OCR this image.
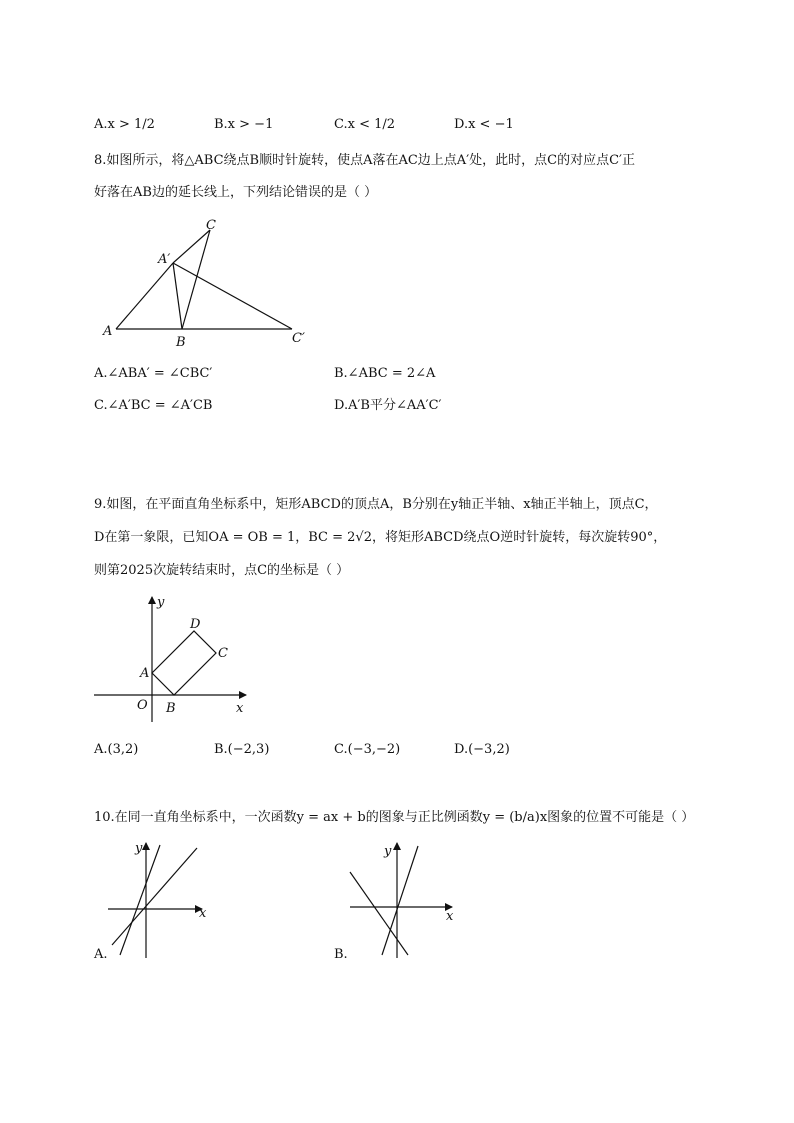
A.x > 1/2	B.x > −1	C.x < 1/2	D.x < −1
8.如图所示，将△ABC绕点B顺时针旋转，使点A落在AC边上点A′处，此时，点C的对应点C′正
好落在AB边的延长线上，下列结论错误的是（ ）
A
B
C
A′
C′
A.∠ABA′ = ∠CBC′	B.∠ABC = 2∠A
C.∠A′BC = ∠A′CB	D.A′B平分∠AA′C′
9.如图，在平面直角坐标系中，矩形ABCD的顶点A，B分别在y轴正半轴、x轴正半轴上，顶点C，
D在第一象限，已知OA = OB = 1，BC = 2√2，将矩形ABCD绕点O逆时针旋转，每次旋转90°，
则第2025次旋转结束时，点C的坐标是（ ）
y
x
O
A
B
C
D
A.(3,2)	B.(−2,3)	C.(−3,−2)	D.(−3,2)
10.在同一直角坐标系中，一次函数y = ax + b的图象与正比例函数y = (b/a)x图象的位置不可能是（ ）
y
x
A.
y
x
B.
